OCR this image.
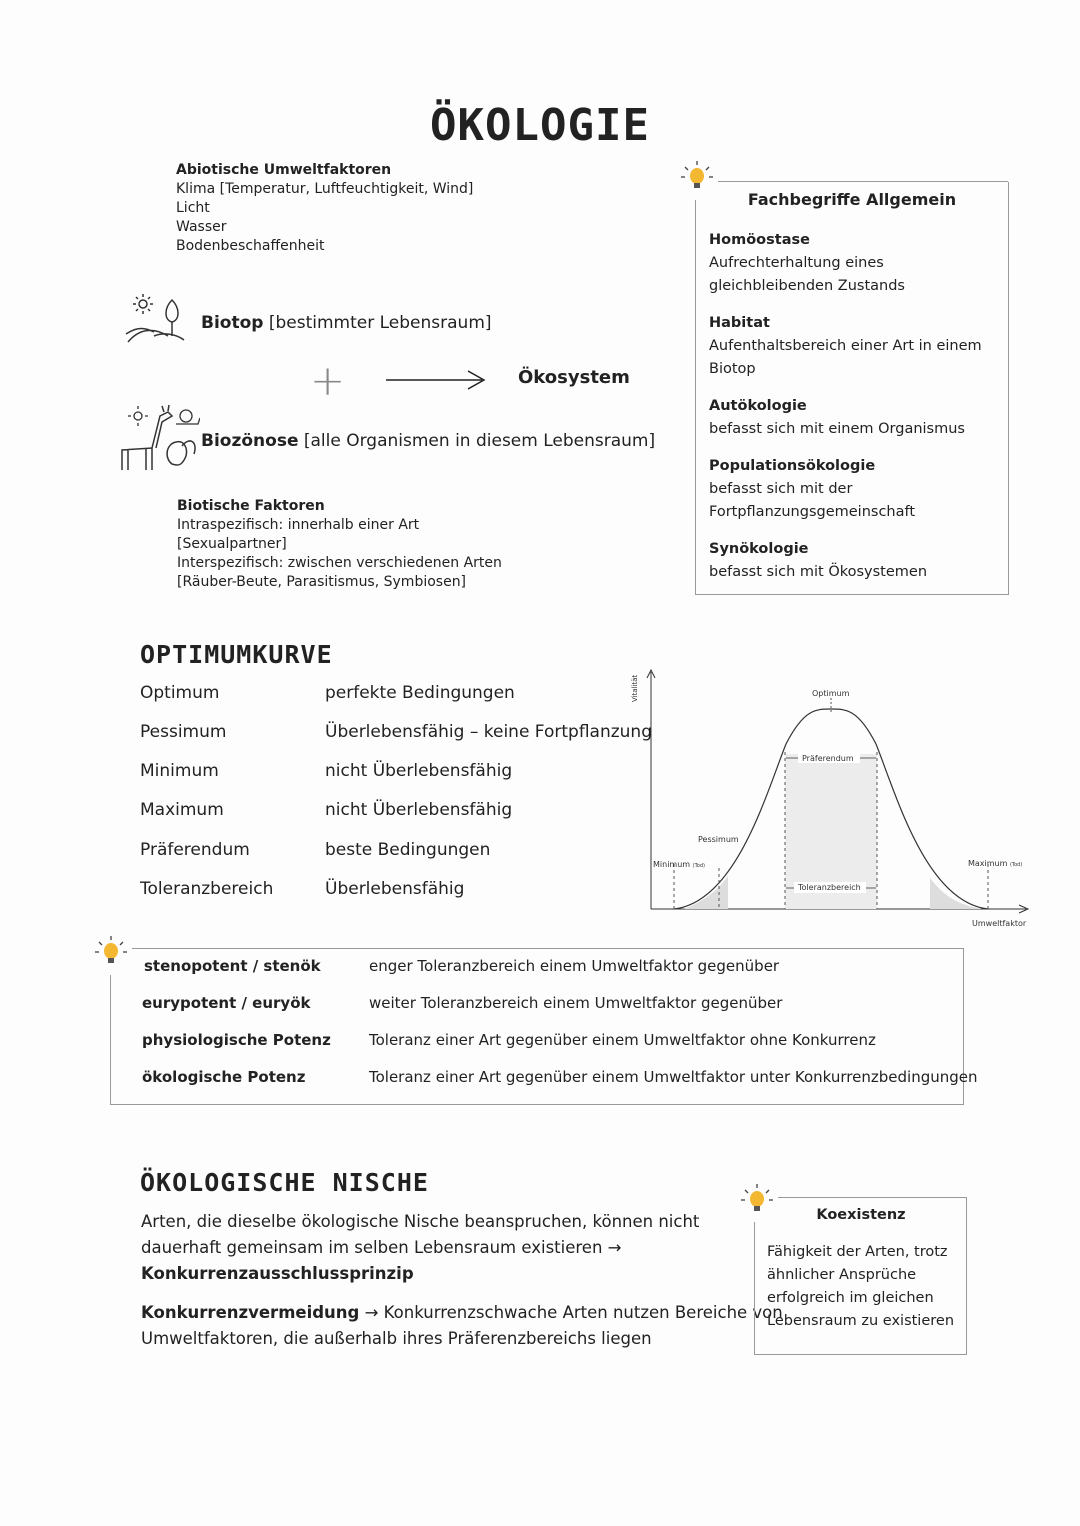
ÖKOLOGIE
Abiotische Umweltfaktoren
Klima [Temperatur, Luftfeuchtigkeit, Wind]
Licht
Wasser
Bodenbeschaffenheit
Biotop [bestimmter Lebensraum]
+	Ökosystem
Biozönose [alle Organismen in diesem Lebensraum]
Biotische Faktoren
Intraspezifisch: innerhalb einer Art
[Sexualpartner]
Interspezifisch: zwischen verschiedenen Arten
[Räuber-Beute, Parasitismus, Symbiosen]
Fachbegriffe Allgemein
Homöostase
Aufrechterhaltung eines
gleichbleibenden Zustands
Habitat
Aufenthaltsbereich einer Art in einem
Biotop
Autökologie
befasst sich mit einem Organismus
Populationsökologie
befasst sich mit der
Fortpflanzungsgemeinschaft
Synökologie
befasst sich mit Ökosystemen
OPTIMUMKURVE
Optimum	perfekte Bedingungen
Pessimum	Überlebensfähig – keine Fortpflanzung
Minimum	nicht Überlebensfähig
Maximum	nicht Überlebensfähig
Präferendum	beste Bedingungen
Toleranzbereich	Überlebensfähig
Vitalität
Umweltfaktor
Optimum
Präferendum
Pessimum
Minimum (Tod)	Maximum (Tod)
Toleranzbereich
stenopotent / stenök	enger Toleranzbereich einem Umweltfaktor gegenüber
eurypotent / euryök	weiter Toleranzbereich einem Umweltfaktor gegenüber
physiologische Potenz	Toleranz einer Art gegenüber einem Umweltfaktor ohne Konkurrenz
ökologische Potenz	Toleranz einer Art gegenüber einem Umweltfaktor unter Konkurrenzbedingungen
ÖKOLOGISCHE NISCHE
Arten, die dieselbe ökologische Nische beanspruchen, können nicht
dauerhaft gemeinsam im selben Lebensraum existieren →
Konkurrenzausschlussprinzip
Konkurrenzvermeidung → Konkurrenzschwache Arten nutzen Bereiche von
Umweltfaktoren, die außerhalb ihres Präferenzbereichs liegen
Koexistenz
Fähigkeit der Arten, trotz
ähnlicher Ansprüche
erfolgreich im gleichen
Lebensraum zu existieren
